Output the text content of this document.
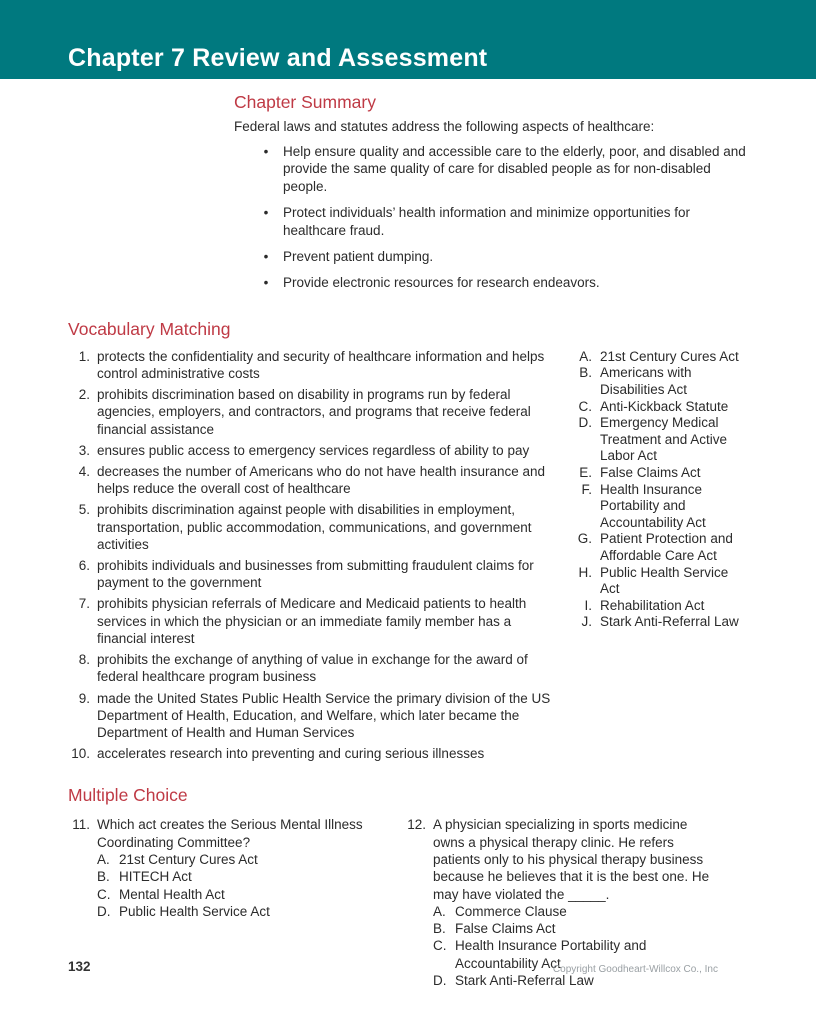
Chapter 7 Review and Assessment
Chapter Summary

Federal laws and statutes address the following aspects of healthcare:

•
Help ensure quality and accessible care to the elderly, poor, and disabled and provide the same quality of care for disabled people as for non-disabled people.
•
Protect individuals’ health information and minimize opportunities for healthcare fraud.
•
Prevent patient dumping.
•
Provide electronic resources for research endeavors.
Vocabulary Matching
1. protects the confidentiality and security of healthcare information and helps control administrative costs
2. prohibits discrimination based on disability in programs run by federal agencies, employers, and contractors, and programs that receive federal financial assistance
3. ensures public access to emergency services regardless of ability to pay
4. decreases the number of Americans who do not have health insurance and helps reduce the overall cost of healthcare
5. prohibits discrimination against people with disabilities in employment, transportation, public accommodation, communications, and government activities
6. prohibits individuals and businesses from submitting fraudulent claims for payment to the government
7. prohibits physician referrals of Medicare and Medicaid patients to health services in which the physician or an immediate family member has a financial interest
8. prohibits the exchange of anything of value in exchange for the award of federal healthcare program business
9. made the United States Public Health Service the primary division of the US Department of Health, Education, and Welfare, which later became the Department of Health and Human Services
10. accelerates research into preventing and curing serious illnesses
A. 21st Century Cures Act
B. Americans with Disabilities Act
C. Anti-Kickback Statute
D. Emergency Medical Treatment and Active Labor Act
E. False Claims Act
F. Health Insurance Portability and Accountability Act
G. Patient Protection and Affordable Care Act
H. Public Health Service Act
I. Rehabilitation Act
J. Stark Anti-Referral Law
Multiple Choice
11. Which act creates the Serious Mental Illness Coordinating Committee?

A. 21st Century Cures Act
B. HITECH Act
C. Mental Health Act
D. Public Health Service Act
12. A physician specializing in sports medicine owns a physical therapy clinic. He refers patients only to his physical therapy business because he believes that it is the best one. He may have violated the _____.

A. Commerce Clause
B. False Claims Act
C. Health Insurance Portability and Accountability Act
D. Stark Anti-Referral Law
132	Copyright Goodheart-Willcox Co., Inc
